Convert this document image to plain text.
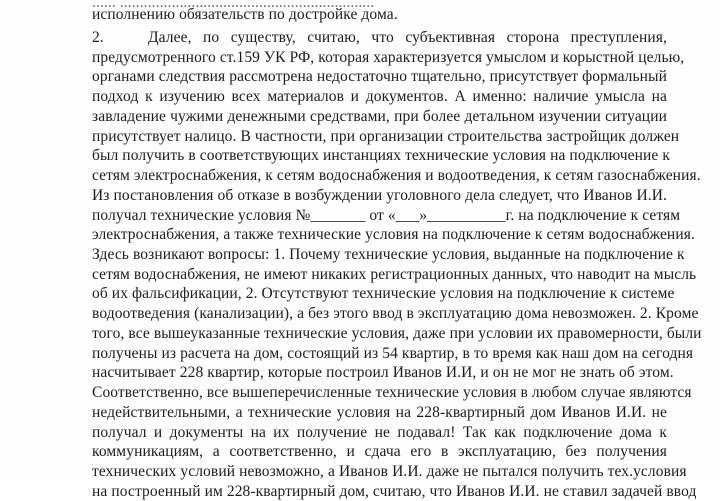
...... ................................................................
исполнению обязательств по достройке дома.
2.	Далее, по существу, считаю, что субъективная сторона преступления,
предусмотренного ст.159 УК РФ, которая характеризуется умыслом и корыстной целью,
органами следствия рассмотрена недостаточно тщательно, присутствует формальный
подход к изучению всех материалов и документов. А именно: наличие умысла на
завладение чужими денежными средствами, при более детальном изучении ситуации
присутствует налицо. В частности, при организации строительства застройщик должен
был получить в соответствующих инстанциях технические условия на подключение к
сетям электроснабжения, к сетям водоснабжения и водоотведения, к сетям газоснабжения.
Из постановления об отказе в возбуждении уголовного дела следует, что Иванов И.И.
получал технические условия №_______ от «___»__________г. на подключение к сетям
электроснабжения, а также технические условия на подключение к сетям водоснабжения.
Здесь возникают вопросы: 1. Почему технические условия, выданные на подключение к
сетям водоснабжения, не имеют никаких регистрационных данных, что наводит на мысль
об их фальсификации, 2. Отсутствуют технические условия на подключение к системе
водоотведения (канализации), а без этого ввод в эксплуатацию дома невозможен. 2. Кроме
того, все вышеуказанные технические условия, даже при условии их правомерности, были
получены из расчета на дом, состоящий из 54 квартир, в то время как наш дом на сегодня
насчитывает 228 квартир, которые построил Иванов И.И, и он не мог не знать об этом.
Соответственно, все вышеперечисленные технические условия в любом случае являются
недействительными, а технические условия на 228-квартирный дом Иванов И.И. не
получал и документы на их получение не подавал! Так как подключение дома к
коммуникациям, а соответственно, и сдача его в эксплуатацию, без получения
технических условий невозможно, а Иванов И.И. даже не пытался получить тех.условия
на построенный им 228-квартирный дом, считаю, что Иванов И.И. не ставил задачей ввод
